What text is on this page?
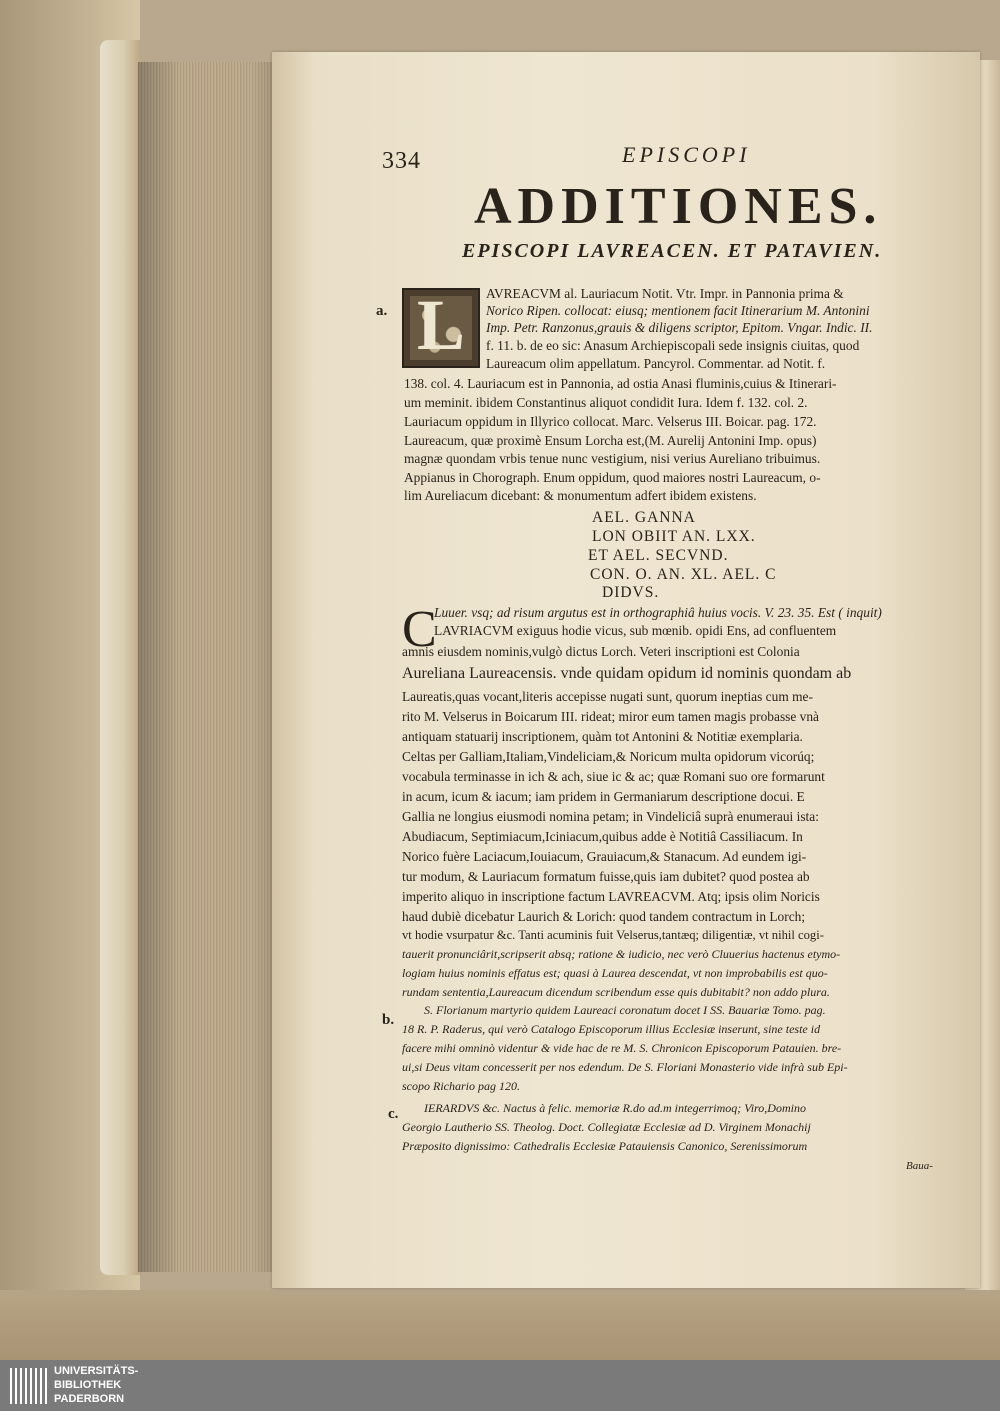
334	EPISCOPI
ADDITIONES.
EPISCOPI LAVREACEN. ET PATAVIEN.
a. L	AVREACVM al. Lauriacum Notit. Vtr. Impr. in Pannonia prima &
Norico Ripen. collocat: eiusq; mentionem facit Itinerarium M. Antonini
Imp. Petr. Ranzonus,grauis & diligens scriptor, Epitom. Vngar. Indic. II.
f. 11. b. de eo sic: Anasum Archiepiscopali sede insignis ciuitas, quod
Laureacum olim appellatum. Pancyrol. Commentar. ad Notit. f.
138. col. 4. Lauriacum est in Pannonia, ad ostia Anasi fluminis,cuius & Itinerari-
um meminit. ibidem Constantinus aliquot condidit Iura. Idem f. 132. col. 2.
Lauriacum oppidum in Illyrico collocat. Marc. Velserus III. Boicar. pag. 172.
Laureacum, quæ proximè Ensum Lorcha est,(M. Aurelij Antonini Imp. opus)
magnæ quondam vrbis tenue nunc vestigium, nisi verius Aureliano tribuimus.
Appianus in Chorograph. Enum oppidum, quod maiores nostri Laureacum, o-
lim Aureliacum dicebant: & monumentum adfert ibidem existens.
AEL. GANNA
LON OBIIT AN. LXX.
ET AEL. SECVND.
CON. O. AN. XL. AEL. C
DIDVS.
C
Luuer. vsq; ad risum argutus est in orthographiâ huius vocis. V. 23. 35. Est ( inquit)
LAVRIACVM exiguus hodie vicus, sub mœnib. opidi Ens, ad confluentem
amnis eiusdem nominis,vulgò dictus Lorch. Veteri inscriptioni est Colonia
Aureliana Laureacensis. vnde quidam opidum id nominis quondam ab
Laureatis,quas vocant,literis accepisse nugati sunt, quorum ineptias cum me-
rito M. Velserus in Boicarum III. rideat; miror eum tamen magis probasse vnà
antiquam statuarij inscriptionem, quàm tot Antonini & Notitiæ exemplaria.
Celtas per Galliam,Italiam,Vindeliciam,& Noricum multa opidorum vicorúq;
vocabula terminasse in ich & ach, siue ic & ac; quæ Romani suo ore formarunt
in acum, icum & iacum; iam pridem in Germaniarum descriptione docui. E
Gallia ne longius eiusmodi nomina petam; in Vindeliciâ suprà enumeraui ista:
Abudiacum, Septimiacum,Iciniacum,quibus adde è Notitiâ Cassiliacum. In
Norico fuère Laciacum,Iouiacum, Grauiacum,& Stanacum. Ad eundem igi-
tur modum, & Lauriacum formatum fuisse,quis iam dubitet? quod postea ab
imperito aliquo in inscriptione factum LAVREACVM. Atq; ipsis olim Noricis
haud dubiè dicebatur Laurich & Lorich: quod tandem contractum in Lorch;
vt hodie vsurpatur &c. Tanti acuminis fuit Velserus,tantæq; diligentiæ, vt nihil cogi-
tauerit pronunciârit,scripserit absq; ratione & iudicio, nec verò Cluuerius hactenus etymo-
logiam huius nominis effatus est; quasi à Laurea descendat, vt non improbabilis est quo-
rundam sententia,Laureacum dicendum scribendum esse quis dubitabit? non addo plura.
b.
S. Florianum martyrio quidem Laureaci coronatum docet I SS. Bauariæ Tomo. pag.
18 R. P. Raderus, qui verò Catalogo Episcoporum illius Ecclesiæ inserunt, sine teste id
facere mihi omninò videntur & vide hac de re M. S. Chronicon Episcoporum Patauien. bre-
ui,si Deus vitam concesserit per nos edendum. De S. Floriani Monasterio vide infrà sub Epi-
scopo Richario pag 120.
c. IERARDVS &c. Nactus à felic. memoriæ R.do ad.m integerrimoq; Viro,Domino
Georgio Lautherio SS. Theolog. Doct. Collegiatæ Ecclesiæ ad D. Virginem Monachij
Præposito dignissimo: Cathedralis Ecclesiæ Patauiensis Canonico, Serenissimorum
Baua-
UNIVERSITÄTS-
BIBLIOTHEK
PADERBORN
